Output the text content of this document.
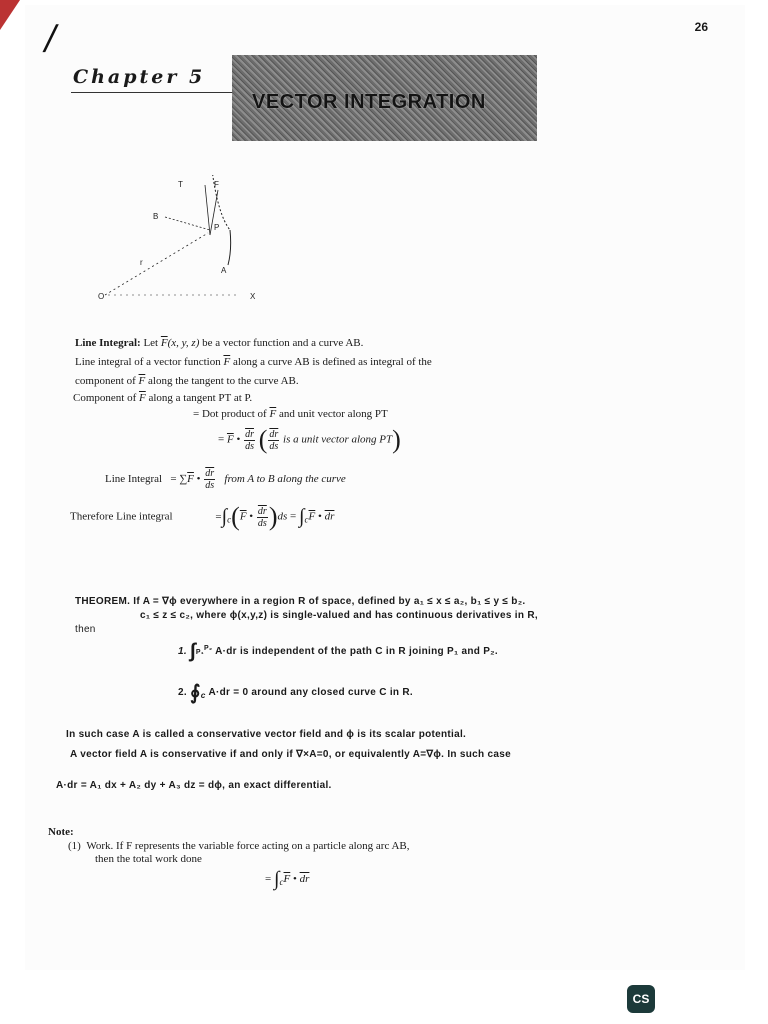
/	26
Chapter 5
VECTOR INTEGRATION
T	F
B
P
r
A
O	X
Line Integral: Let $\overline{F}(x$, y, z) be a vector function and a curve AB.
Line integral of a vector function $\overline{F}$ along a curve AB is defined as integral of the
component of $\overline{F}$ along the tangent to the curve AB.
Component of $\overline{F}$ along a tangent PT at P.
= Dot product of $\overline{F}$ and unit vector along PT
= $\overline{F}$ • $\frac{\overline{dr}}{ds}$ ( $\frac{\overline{dr}}{ds}$ is a unit vector along PT)
Line Integral   = $\sum\overline{F}$ • $\frac{\overline{dr}}{ds}$ from A to B along the curve
Therefore Line integral	$=\int_c(\overline{F}$ • $\frac{\overline{dr}}{ds} )ds = \int_c\overline{F}$ • $\overline{dr}$
THEOREM. If A = ∇ϕ everywhere in a region R of space, defined by a₁ ≤ x ≤ a₂, b₁ ≤ y ≤ b₂.
c₁ ≤ z ≤ c₂, where ϕ(x,y,z) is single-valued and has continuous derivatives in R,
then
1. ∫P₁$^{P_2}$ A·dr is independent of the path C in R joining P₁ and P₂.
2. $∮_c$ A·dr = 0 around any closed curve C in R.
In such case A is called a conservative vector field and ϕ is its scalar potential.
A vector field A is conservative if and only if ∇×A=0, or equivalently A=∇ϕ. In such case
A·dr = A₁ dx + A₂ dy + A₃ dz = dϕ, an exact differential.
Note:
(1) Work. If F represents the variable force acting on a particle along arc AB,
then the total work done
= $\int_c\overline{F}$ • $\overline{dr}$
CS
